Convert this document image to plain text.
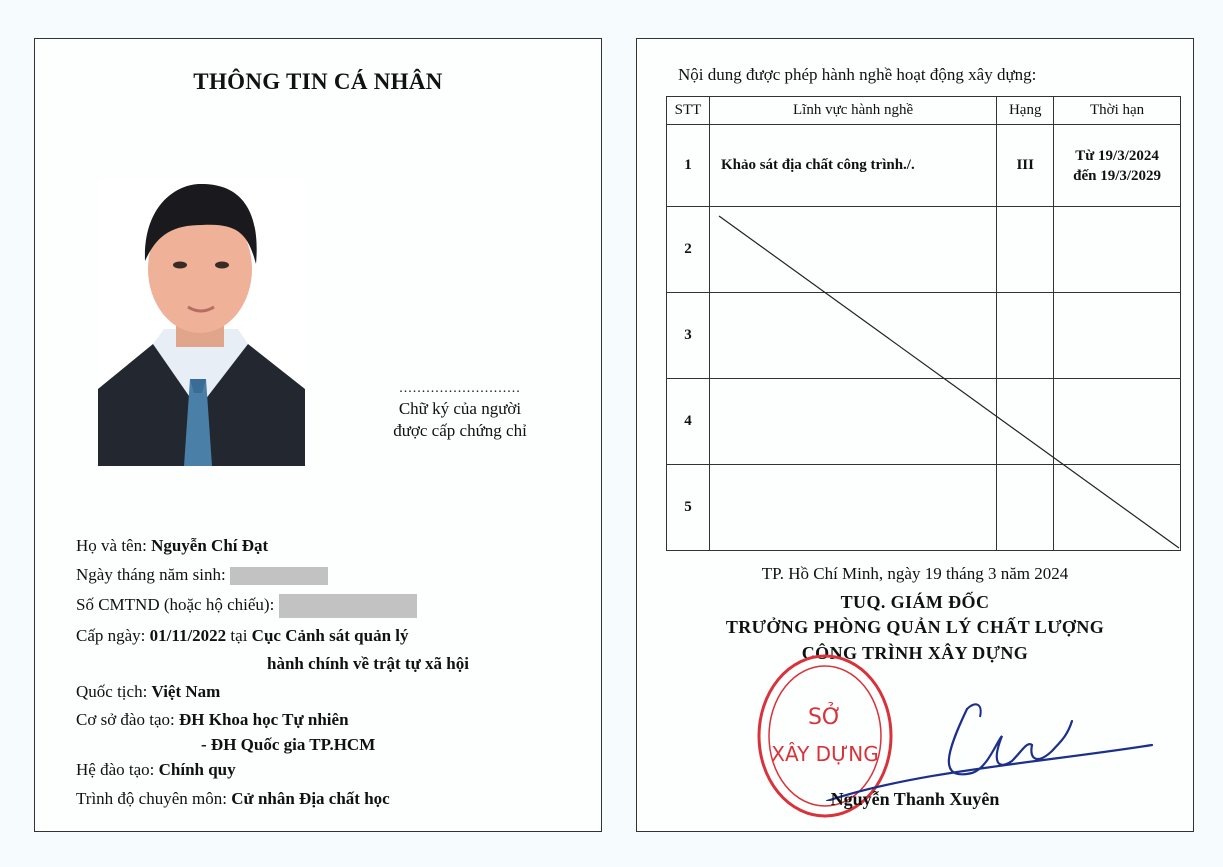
THÔNG TIN CÁ NHÂN
...........................
Chữ ký của người
được cấp chứng chỉ
Họ và tên: Nguyễn Chí Đạt
Ngày tháng năm sinh:
Số CMTND (hoặc hộ chiếu):
Cấp ngày: 01/11/2022 tại Cục Cảnh sát quản lý
hành chính về trật tự xã hội
Quốc tịch: Việt Nam
Cơ sở đào tạo: ĐH Khoa học Tự nhiên
- ĐH Quốc gia TP.HCM
Hệ đào tạo: Chính quy
Trình độ chuyên môn: Cử nhân Địa chất học
Nội dung được phép hành nghề hoạt động xây dựng:
STT	Lĩnh vực hành nghề	Hạng	Thời hạn
1	Khảo sát địa chất công trình./.	III	Từ 19/3/2024
đến 19/3/2029

2			
3			
4			
5			
TP. Hồ Chí Minh, ngày 19 tháng 3 năm 2024
TUQ. GIÁM ĐỐC
TRƯỞNG PHÒNG QUẢN LÝ CHẤT LƯỢNG
CÔNG TRÌNH XÂY DỰNG
SỞ
XÂY DỰNG
Nguyễn Thanh Xuyên
